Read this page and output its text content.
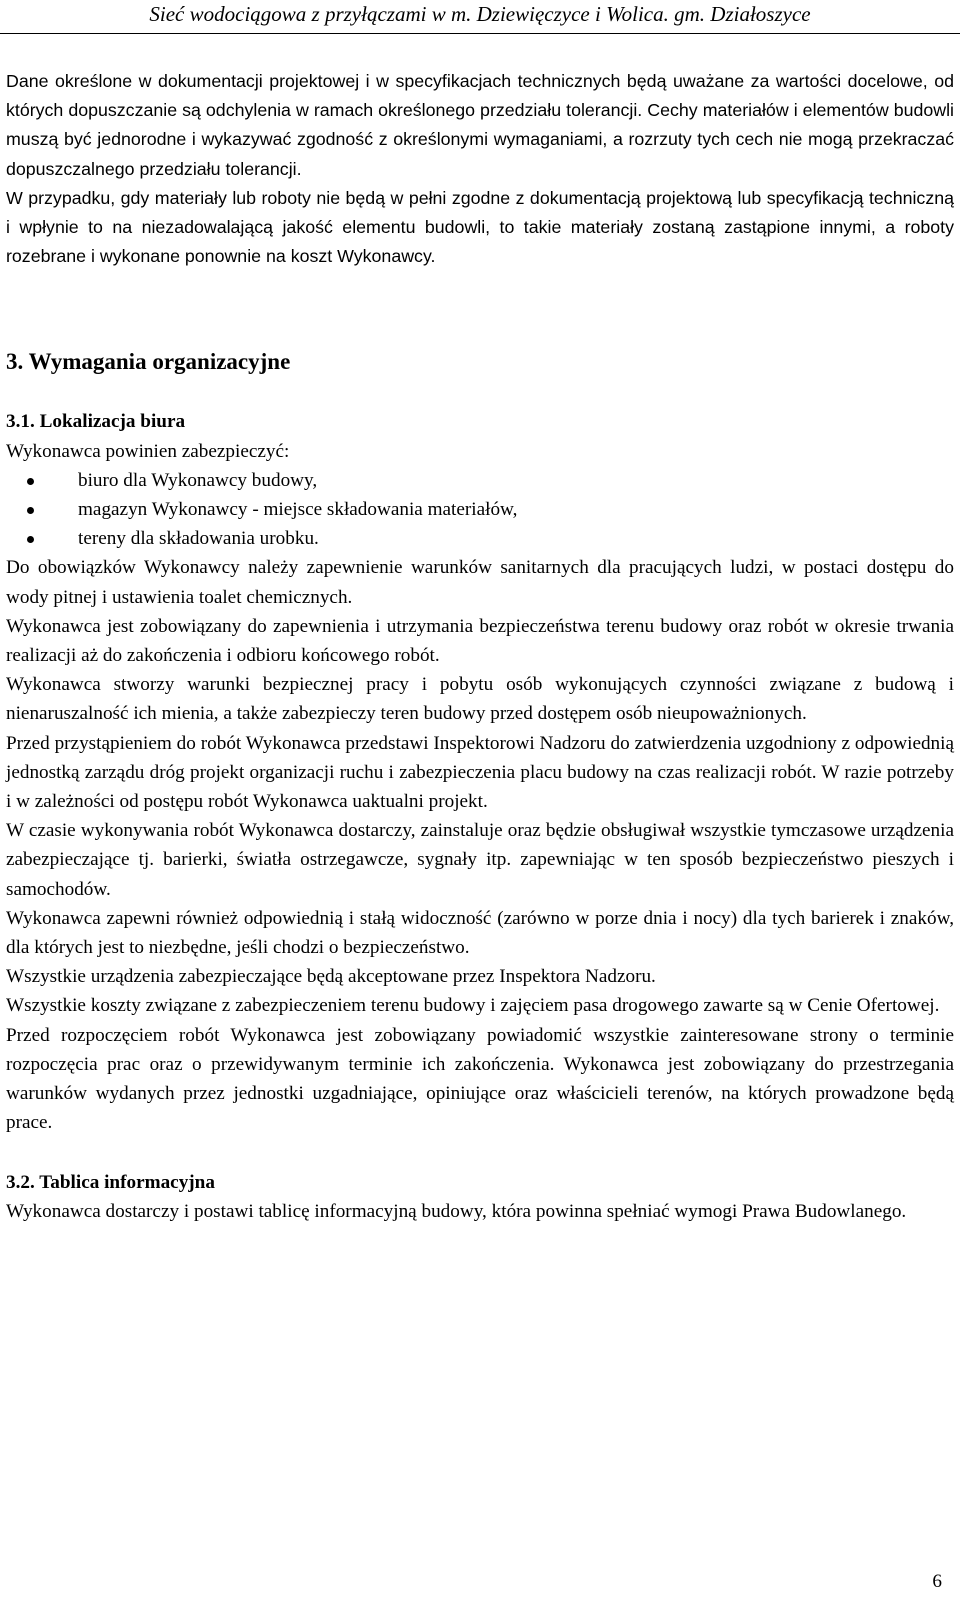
Sieć wodociągowa z przyłączami w m. Dziewięczyce i Wolica. gm. Działoszyce

Dane określone w dokumentacji projektowej i w specyfikacjach technicznych będą uważane za wartości docelowe, od których dopuszczanie są odchylenia w ramach określonego przedziału tolerancji. Cechy materiałów i elementów budowli muszą być jednorodne i wykazywać zgodność z określonymi wymaganiami, a rozrzuty tych cech nie mogą przekraczać dopuszczalnego przedziału tolerancji.

W przypadku, gdy materiały lub roboty nie będą w pełni zgodne z dokumentacją projektową lub specyfikacją techniczną i wpłynie to na niezadowalającą jakość elementu budowli, to takie materiały zostaną zastąpione innymi, a roboty rozebrane i wykonane ponownie na koszt Wykonawcy.

3. Wymagania organizacyjne
3.1. Lokalizacja biura

Wykonawca powinien zabezpieczyć:

biuro dla Wykonawcy budowy,
magazyn Wykonawcy - miejsce składowania materiałów,
tereny dla składowania urobku.

Do obowiązków Wykonawcy należy zapewnienie warunków sanitarnych dla pracujących ludzi, w postaci dostępu do wody pitnej i ustawienia toalet chemicznych.

Wykonawca jest zobowiązany do zapewnienia i utrzymania bezpieczeństwa terenu budowy oraz robót w okresie trwania realizacji aż do zakończenia i odbioru końcowego robót.

Wykonawca stworzy warunki bezpiecznej pracy i pobytu osób wykonujących czynności związane z budową i nienaruszalność ich mienia, a także zabezpieczy teren budowy przed dostępem osób nieupoważnionych.

Przed przystąpieniem do robót Wykonawca przedstawi Inspektorowi Nadzoru do zatwierdzenia uzgodniony z odpowiednią jednostką zarządu dróg projekt organizacji ruchu i zabezpieczenia placu budowy na czas realizacji robót. W razie potrzeby i w zależności od postępu robót Wykonawca uaktualni projekt.

W czasie wykonywania robót Wykonawca dostarczy, zainstaluje oraz będzie obsługiwał wszystkie tymczasowe urządzenia zabezpieczające tj. barierki, światła ostrzegawcze, sygnały itp. zapewniając w ten sposób bezpieczeństwo pieszych i samochodów.

Wykonawca zapewni również odpowiednią i stałą widoczność (zarówno w porze dnia i nocy) dla tych barierek i znaków, dla których jest to niezbędne, jeśli chodzi o bezpieczeństwo.

Wszystkie urządzenia zabezpieczające będą akceptowane przez Inspektora Nadzoru.

Wszystkie koszty związane z zabezpieczeniem terenu budowy i zajęciem pasa drogowego zawarte są w Cenie Ofertowej.

Przed rozpoczęciem robót Wykonawca jest zobowiązany powiadomić wszystkie zainteresowane strony o terminie rozpoczęcia prac oraz o przewidywanym terminie ich zakończenia. Wykonawca jest zobowiązany do przestrzegania warunków wydanych przez jednostki uzgadniające, opiniujące oraz właścicieli terenów, na których prowadzone będą prace.

3.2. Tablica informacyjna

Wykonawca dostarczy i postawi tablicę informacyjną budowy, która powinna spełniać wymogi Prawa Budowlanego.

6
